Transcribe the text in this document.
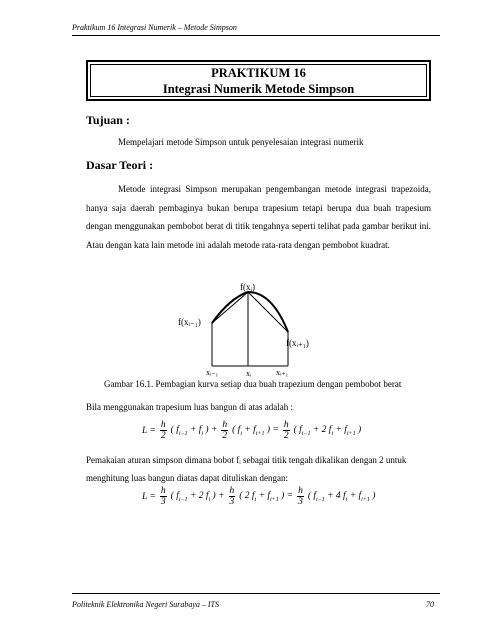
Praktikum 16 Integrasi Numerik – Metode Simpson
PRAKTIKUM 16
Integrasi Numerik Metode Simpson
Tujuan :
Mempelajari metode Simpson untuk penyelesaian integrasi numerik
Dasar Teori :
Metode integrasi Simpson merupakan pengembangan metode integrasi trapezoida, hanya saja daerah pembaginya bukan berupa trapesium tetapi berupa dua buah trapesium dengan menggunakan pembobot berat di titik tengahnya seperti telihat pada gambar berikut ini. Atau dengan kata lain metode ini adalah metode rata-rata dengan pembobot kuadrat.
f(xᵢ₋₁)
f(xᵢ)
f(xᵢ₊₁)
xᵢ₋₁	xᵢ	xᵢ₊₁
Gambar 16.1. Pembagian kurva setiap dua buah trapezium dengan pembobot berat
Bila menggunakan trapesium luas bangun di atas adalah :
$L = \frac{h}{2}$ ( $f_{i-1} + f_i$ ) + $\frac{h}{2}$ ( $f_i + f_{i+1}$ ) = $\frac{h}{2}$ ( $f_{i-1} + 2$ $f_i + f_{i+1}$ )
Pemakaian aturan simpson dimana bobot fᵢ sebagai titik tengah dikalikan dengan 2 untuk
menghitung luas bangun diatas dapat dituliskan dengan:
$L = \frac{h}{3}$ ( $f_{i-1} + 2$ $f_i$ ) + $\frac{h}{3}$ ( 2 $f_i + f_{i+1}$ ) = $\frac{h}{3}$ ( $f_{i-1} + 4$ $f_i + f_{i+1}$ )
Politeknik Elektronika Negeri Surabaya – ITS	70
